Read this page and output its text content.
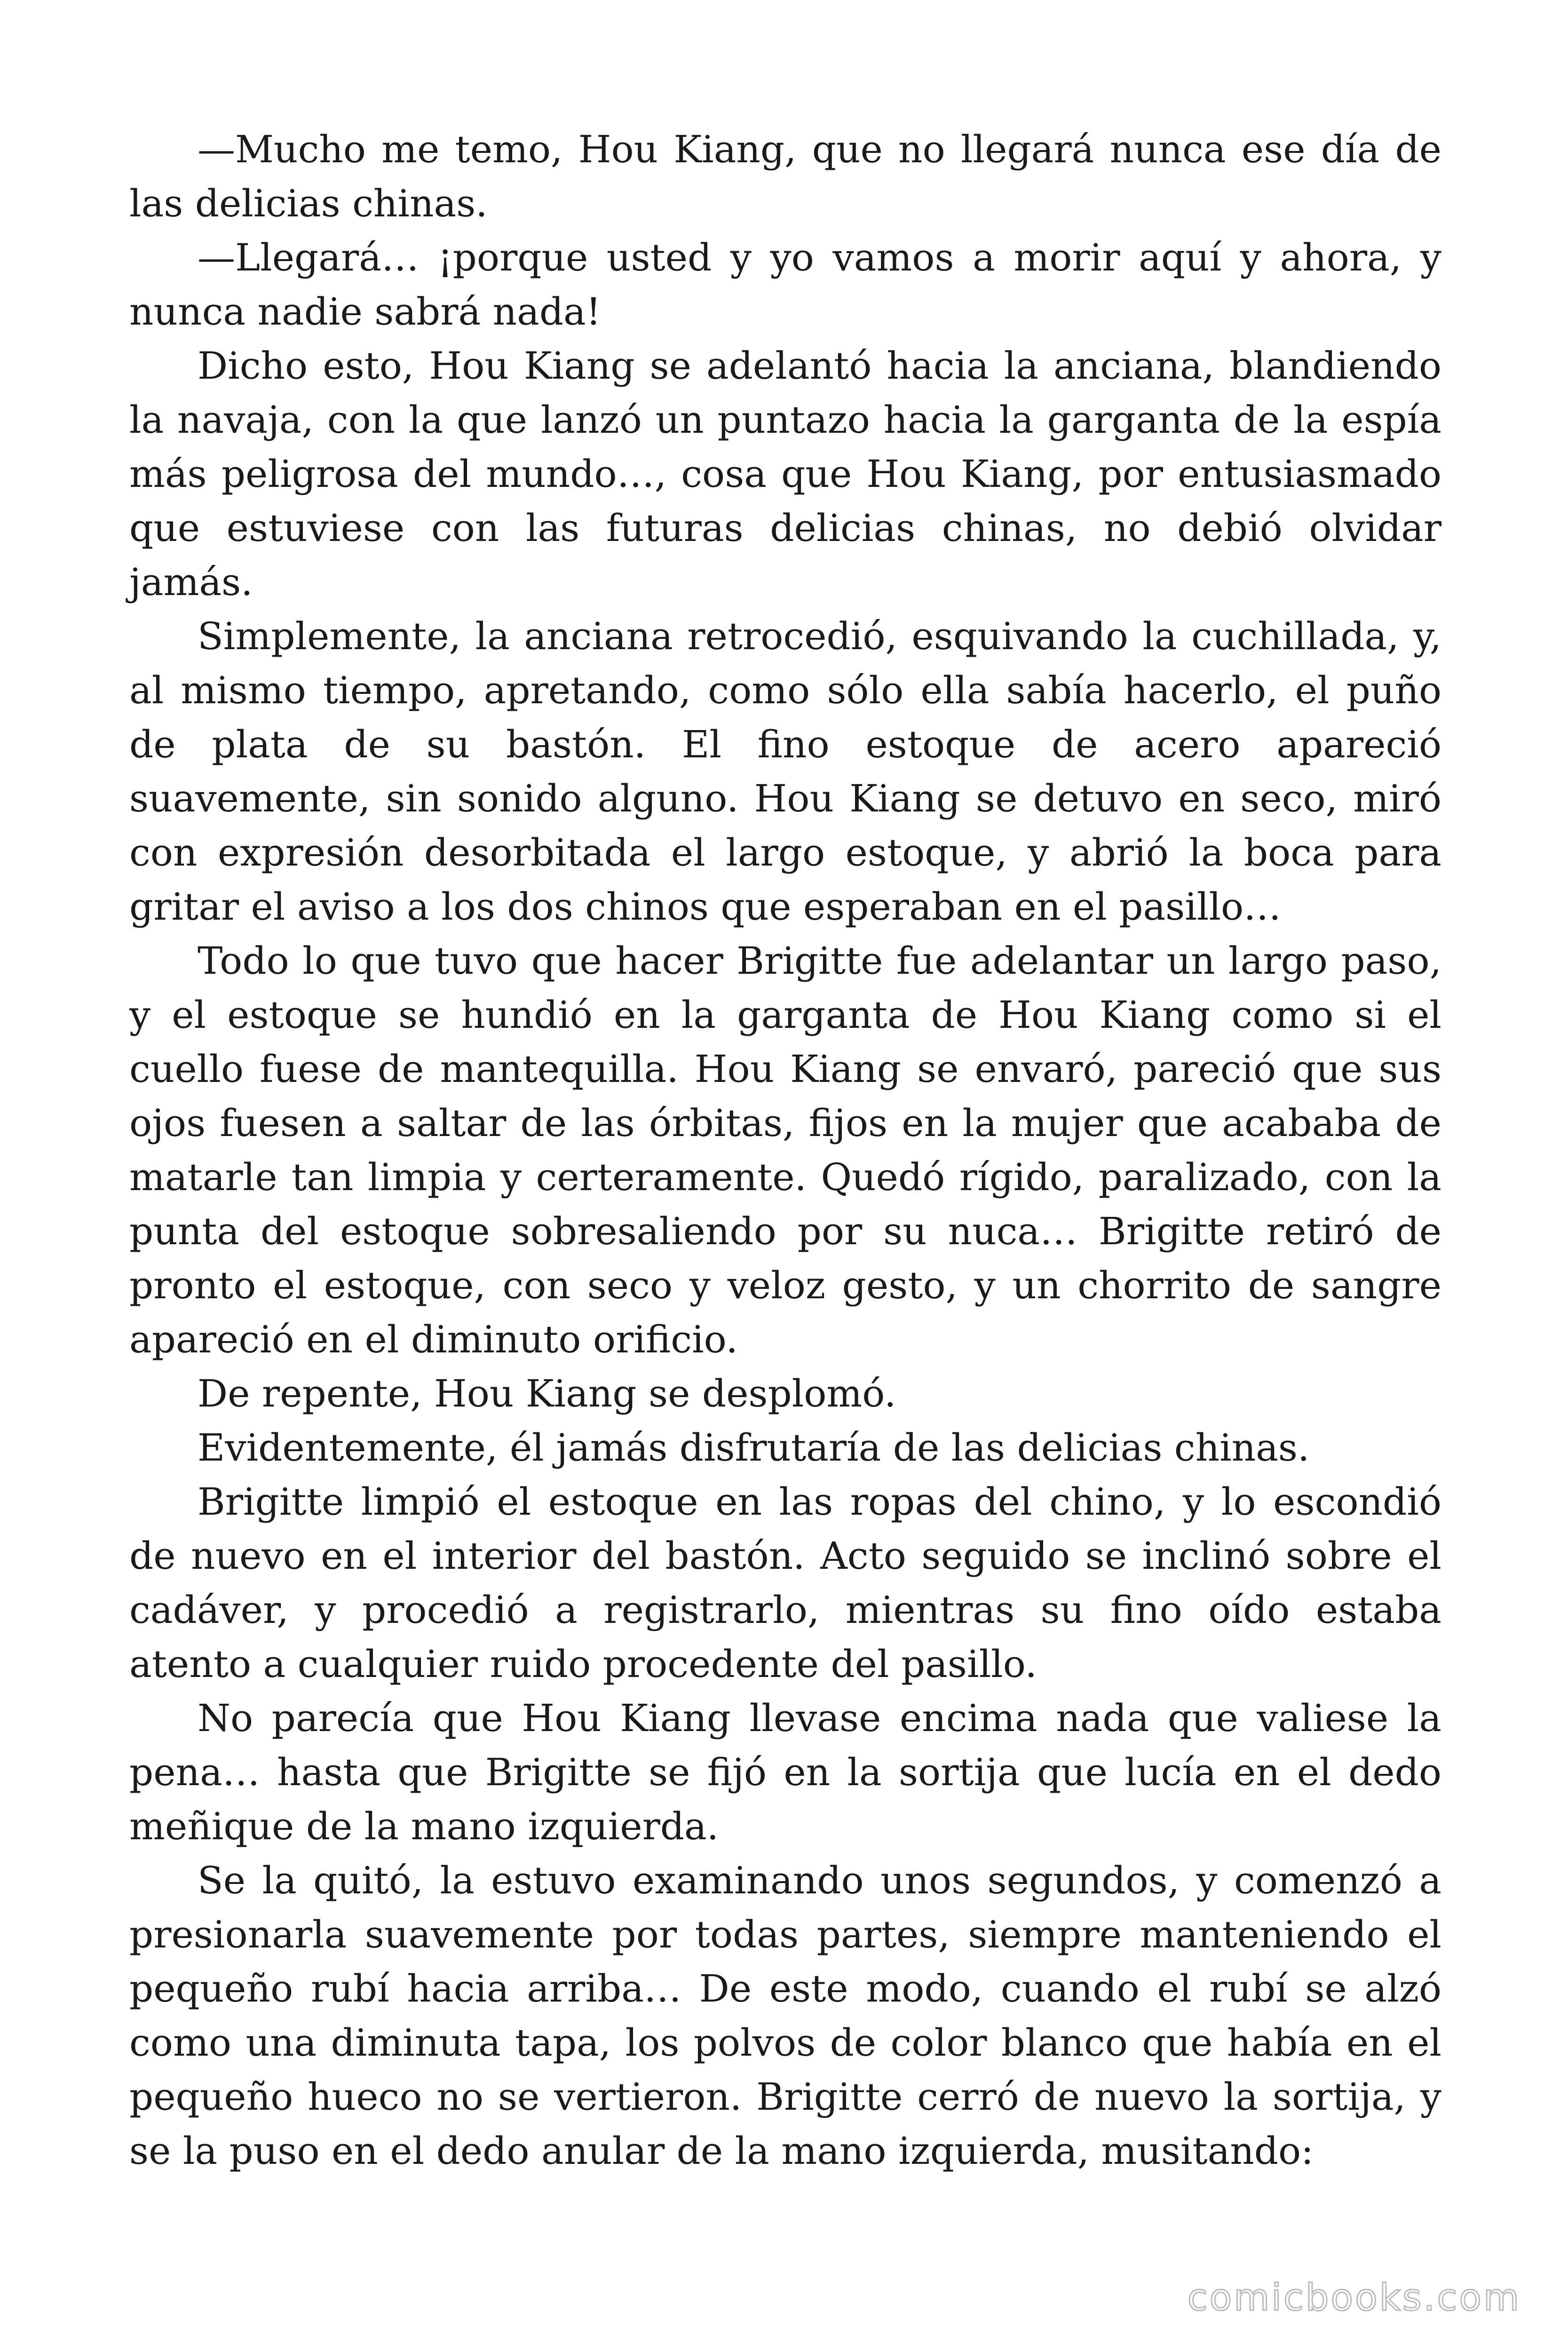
—Mucho me temo, Hou Kiang, que no llegará nunca ese día de las delicias chinas.

—Llegará… ¡porque usted y yo vamos a morir aquí y ahora, y nunca nadie sabrá nada!

Dicho esto, Hou Kiang se adelantó hacia la anciana, blandiendo la navaja, con la que lanzó un puntazo hacia la garganta de la espía más peligrosa del mundo…, cosa que Hou Kiang, por entusiasmado que estuviese con las futuras delicias chinas, no debió olvidar jamás.

Simplemente, la anciana retrocedió, esquivando la cuchillada, y, al mismo tiempo, apretando, como sólo ella sabía hacerlo, el puño de plata de su bastón. El fino estoque de acero apareció suavemente, sin sonido alguno. Hou Kiang se detuvo en seco, miró con expresión desorbitada el largo estoque, y abrió la boca para gritar el aviso a los dos chinos que esperaban en el pasillo…

Todo lo que tuvo que hacer Brigitte fue adelantar un largo paso, y el estoque se hundió en la garganta de Hou Kiang como si el cuello fuese de mantequilla. Hou Kiang se envaró, pareció que sus ojos fuesen a saltar de las órbitas, fijos en la mujer que acababa de matarle tan limpia y certeramente. Quedó rígido, paralizado, con la punta del estoque sobresaliendo por su nuca… Brigitte retiró de pronto el estoque, con seco y veloz gesto, y un chorrito de sangre apareció en el diminuto orificio.

De repente, Hou Kiang se desplomó.

Evidentemente, él jamás disfrutaría de las delicias chinas.

Brigitte limpió el estoque en las ropas del chino, y lo escondió de nuevo en el interior del bastón. Acto seguido se inclinó sobre el cadáver, y procedió a registrarlo, mientras su fino oído estaba atento a cualquier ruido procedente del pasillo.

No parecía que Hou Kiang llevase encima nada que valiese la pena… hasta que Brigitte se fijó en la sortija que lucía en el dedo meñique de la mano izquierda.

Se la quitó, la estuvo examinando unos segundos, y comenzó a presionarla suavemente por todas partes, siempre manteniendo el pequeño rubí hacia arriba… De este modo, cuando el rubí se alzó como una diminuta tapa, los polvos de color blanco que había en el pequeño hueco no se vertieron. Brigitte cerró de nuevo la sortija, y se la puso en el dedo anular de la mano izquierda, musitando:

comicbooks.com
